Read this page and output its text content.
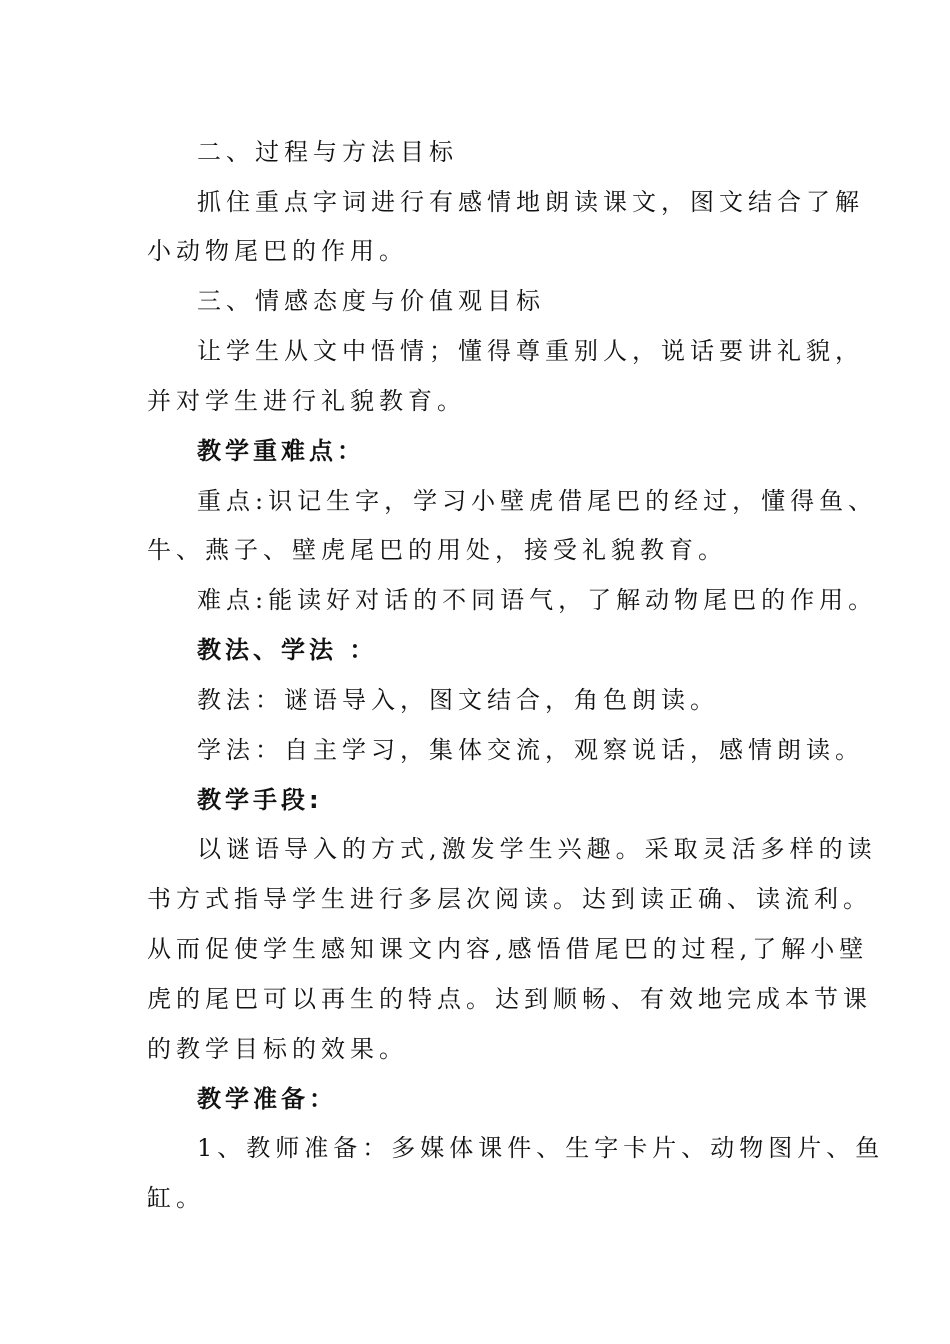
二、过程与方法目标
抓住重点字词进行有感情地朗读课文，图文结合了解
小动物尾巴的作用。
三、情感态度与价值观目标
让学生从文中悟情；懂得尊重别人，说话要讲礼貌，
并对学生进行礼貌教育。
教学重难点：
重点:识记生字，学习小壁虎借尾巴的经过，懂得鱼、
牛、燕子、壁虎尾巴的用处，接受礼貌教育。
难点:能读好对话的不同语气，了解动物尾巴的作用。
教法、学法 ：
教法：谜语导入，图文结合，角色朗读。
学法：自主学习，集体交流，观察说话，感情朗读。
教学手段:
以谜语导入的方式,激发学生兴趣。采取灵活多样的读
书方式指导学生进行多层次阅读。达到读正确、读流利。
从而促使学生感知课文内容,感悟借尾巴的过程,了解小壁
虎的尾巴可以再生的特点。达到顺畅、有效地完成本节课
的教学目标的效果。
教学准备：
1、教师准备：多媒体课件、生字卡片、动物图片、鱼
缸。
